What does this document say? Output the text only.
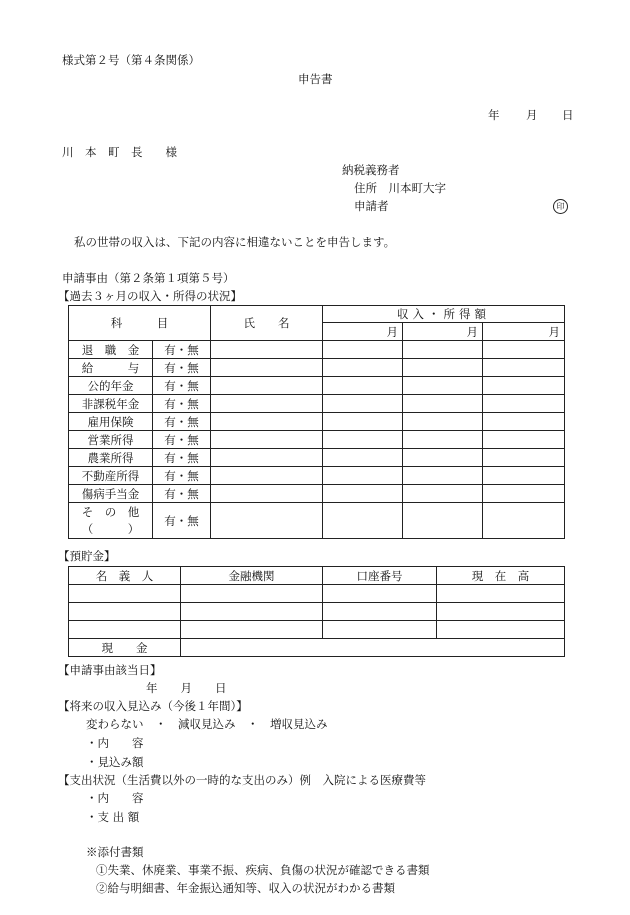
様式第２号（第４条関係）
申告書
年 月 日
川　本　町　長　　様
納税義務者
住所　川本町大字
申請者	印
私の世帯の収入は、下記の内容に相違ないことを申告します。
申請事由（第２条第１項第５号）
【過去３ヶ月の収入・所得の状況】
科　　　目		氏　　名	収入・所得額		
			月	月	月
退　職　金	有・無				
給　　　与	有・無				
公的年金	有・無				
非課税年金	有・無				
雇用保険	有・無				
営業所得	有・無				
農業所得	有・無				
不動産所得	有・無				
傷病手当金	有・無				

そ　の　他
（　　　）	有・無				
【預貯金】
名　義　人	金融機関	口座番号	現　在　高

現　　金			
【申請事由該当日】
年　　月　　日
【将来の収入見込み（今後１年間）】
変わらない　・　減収見込み　・　増収見込み
・内　　容
・見込み額
【支出状況（生活費以外の一時的な支出のみ）例　入院による医療費等
・内　　容
・支 出 額
※添付書類
①失業、休廃業、事業不振、疾病、負傷の状況が確認できる書類
②給与明細書、年金振込通知等、収入の状況がわかる書類
